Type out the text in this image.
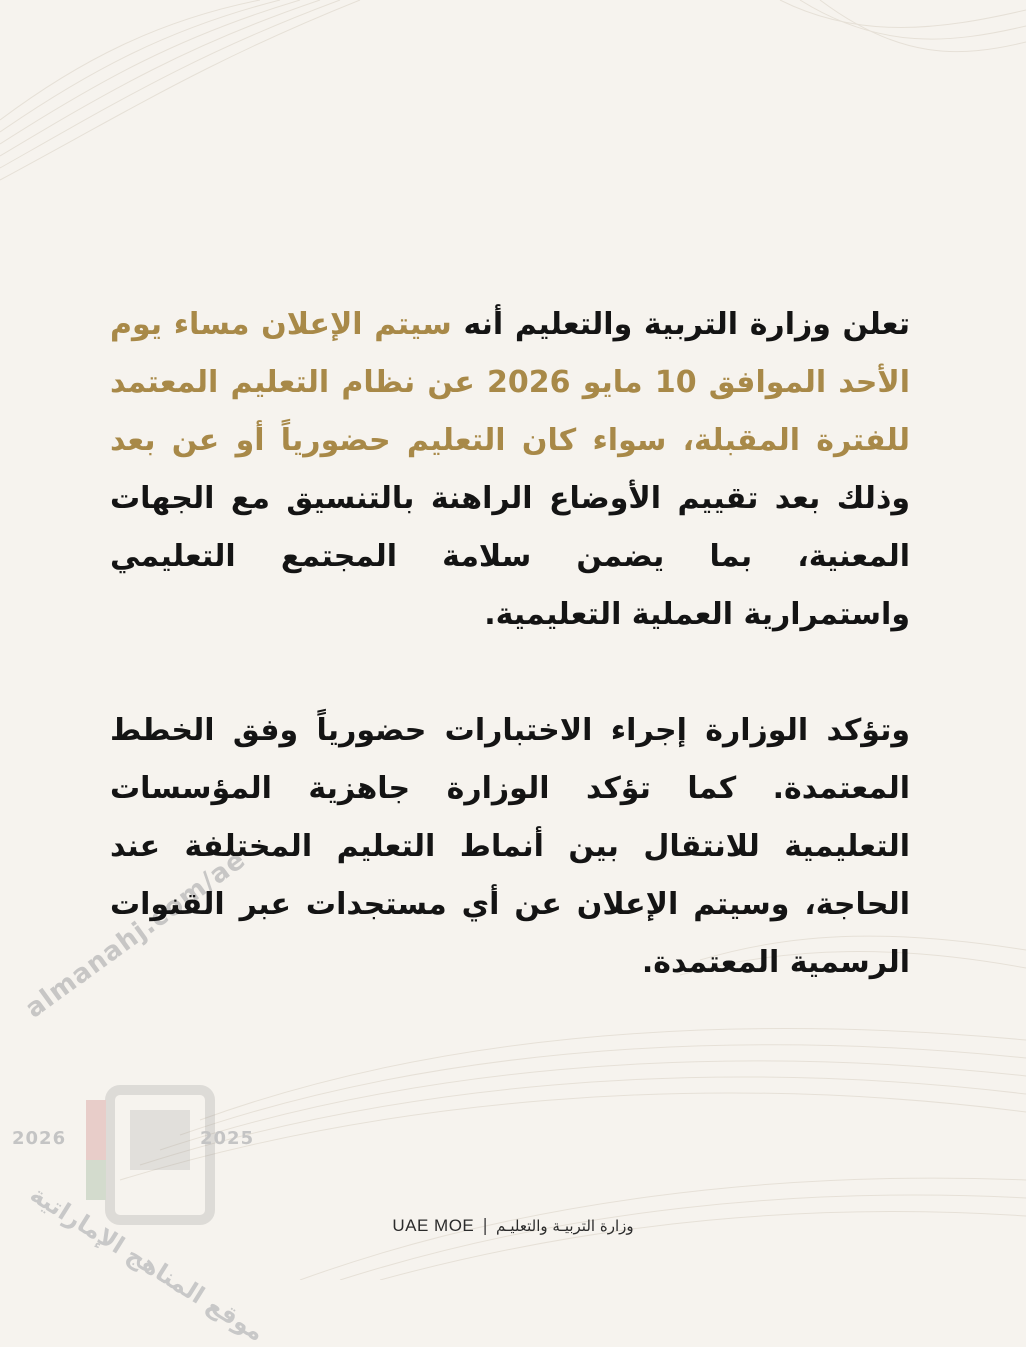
almanahj.com/ae
2026	2025
موقع المناهج الإماراتية

تعلن وزارة التربية والتعليم أنه سيتم الإعلان مساء يوم الأحد الموافق 10 مايو 2026 عن نظام التعليم المعتمد للفترة المقبلة، سواء كان التعليم حضورياً أو عن بعد وذلك بعد تقييم الأوضاع الراهنة بالتنسيق مع الجهات المعنية، بما يضمن سلامة المجتمع التعليمي واستمرارية العملية التعليمية.

وتؤكد الوزارة إجراء الاختبارات حضورياً وفق الخطط المعتمدة. كما تؤكد الوزارة جاهزية المؤسسات التعليمية للانتقال بين أنماط التعليم المختلفة عند الحاجة، وسيتم الإعلان عن أي مستجدات عبر القنوات الرسمية المعتمدة.

UAE MOE | وزارة التربيـة والتعليـم
